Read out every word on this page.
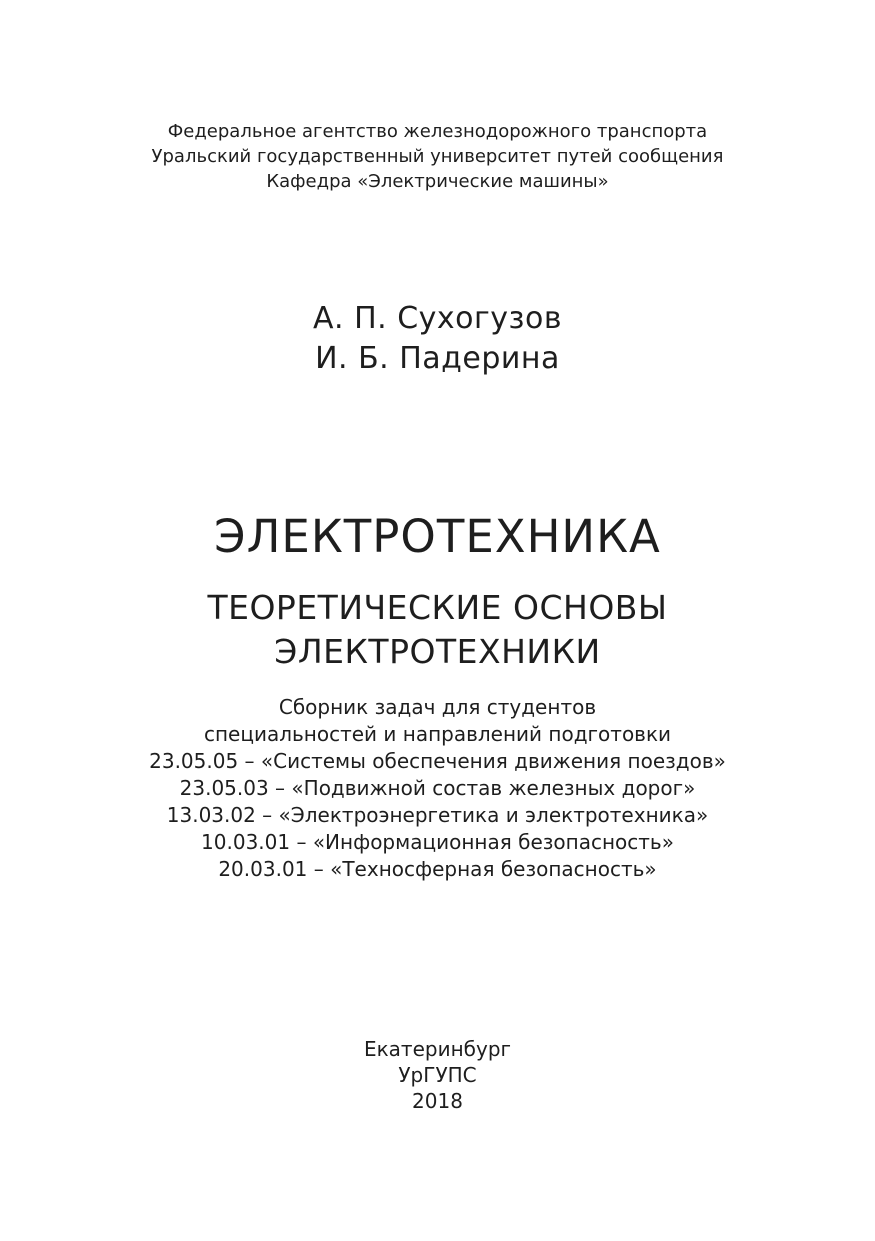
Федеральное агентство железнодорожного транспорта
Уральский государственный университет путей сообщения
Кафедра «Электрические машины»
А. П. Сухогузов
И. Б. Падерина
ЭЛЕКТРОТЕХНИКА
ТЕОРЕТИЧЕСКИЕ ОСНОВЫ
ЭЛЕКТРОТЕХНИКИ
Сборник задач для студентов
специальностей и направлений подготовки
23.05.05 – «Системы обеспечения движения поездов»
23.05.03 – «Подвижной состав железных дорог»
13.03.02 – «Электроэнергетика и электротехника»
10.03.01 – «Информационная безопасность»
20.03.01 – «Техносферная безопасность»
Екатеринбург
УрГУПС
2018
